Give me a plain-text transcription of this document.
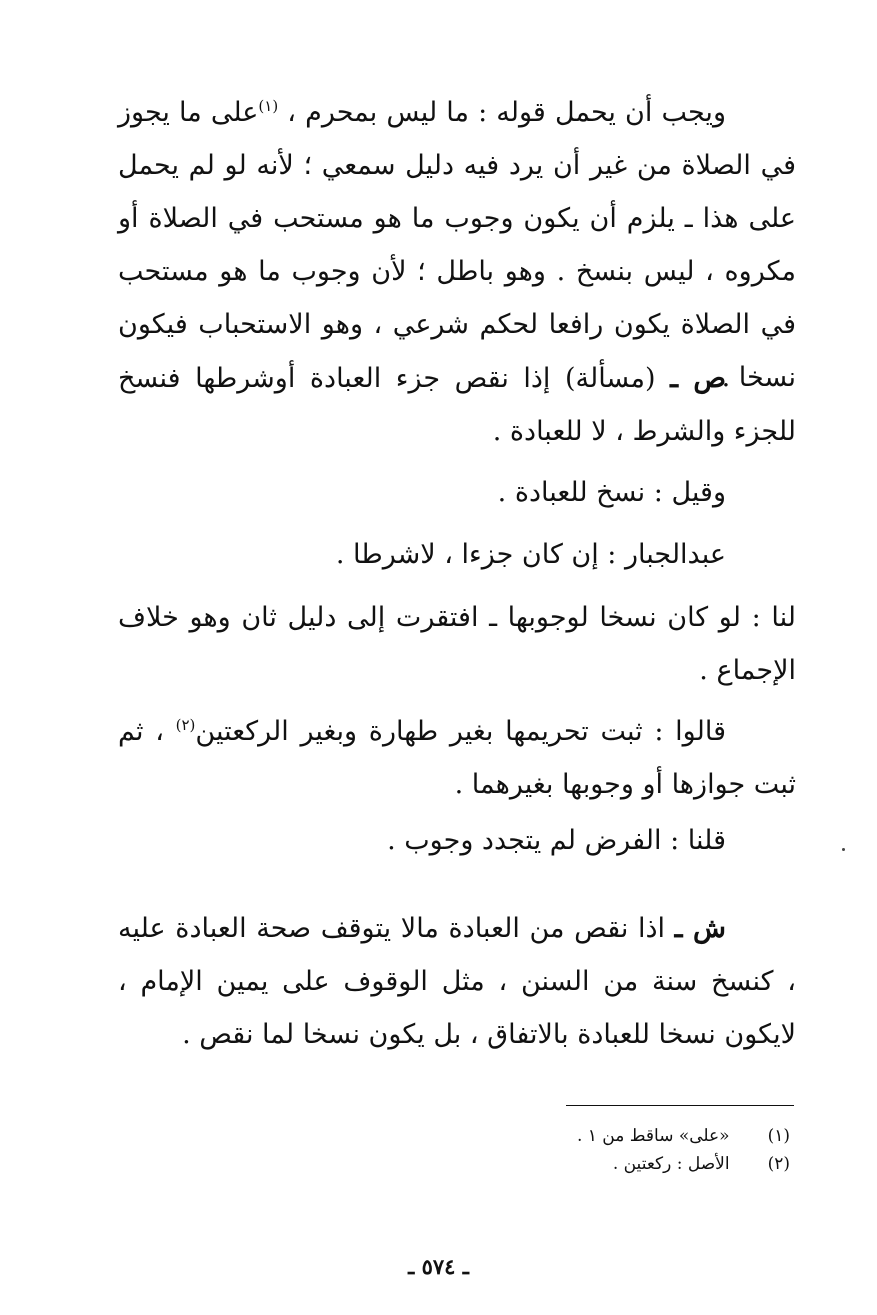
ويجب أن يحمل قوله : ما ليس بمحرم ، $^{(١)}$على ما يجوز في الصلاة من غير أن يرد فيه دليل سمعي ؛ لأنه لو لم يحمل على هذا ـ يلزم أن يكون وجوب ما هو مستحب في الصلاة أو مكروه ، ليس بنسخ . وهو باطل ؛ لأن وجوب ما هو مستحب في الصلاة يكون رافعا لحكم شرعي ، وهو الاستحباب فيكون نسخا .

ص ـ (مسألة) إذا نقص جزء العبادة أوشرطها فنسخ للجزء والشرط ، لا للعبادة .

وقيل : نسخ للعبادة .

عبدالجبار : إن كان جزءا ، لاشرطا .

لنا : لو كان نسخا لوجوبها ـ افتقرت إلى دليل ثان وهو خلاف الإجماع .

قالوا : ثبت تحريمها بغير طهارة وبغير الركعتين$^{(٢)}$ ، ثم ثبت جوازها أو وجوبها بغيرهما .

قلنا : الفرض لم يتجدد وجوب .

ش ـ اذا نقص من العبادة مالا يتوقف صحة العبادة عليه ، كنسخ سنة من السنن ، مثل الوقوف على يمين الإمام ، لايكون نسخا للعبادة بالاتفاق ، بل يكون نسخا لما نقص .

(١) «على» ساقط من ١ .
(٢) الأصل : ركعتين .
ـ ٥٧٤ ـ
